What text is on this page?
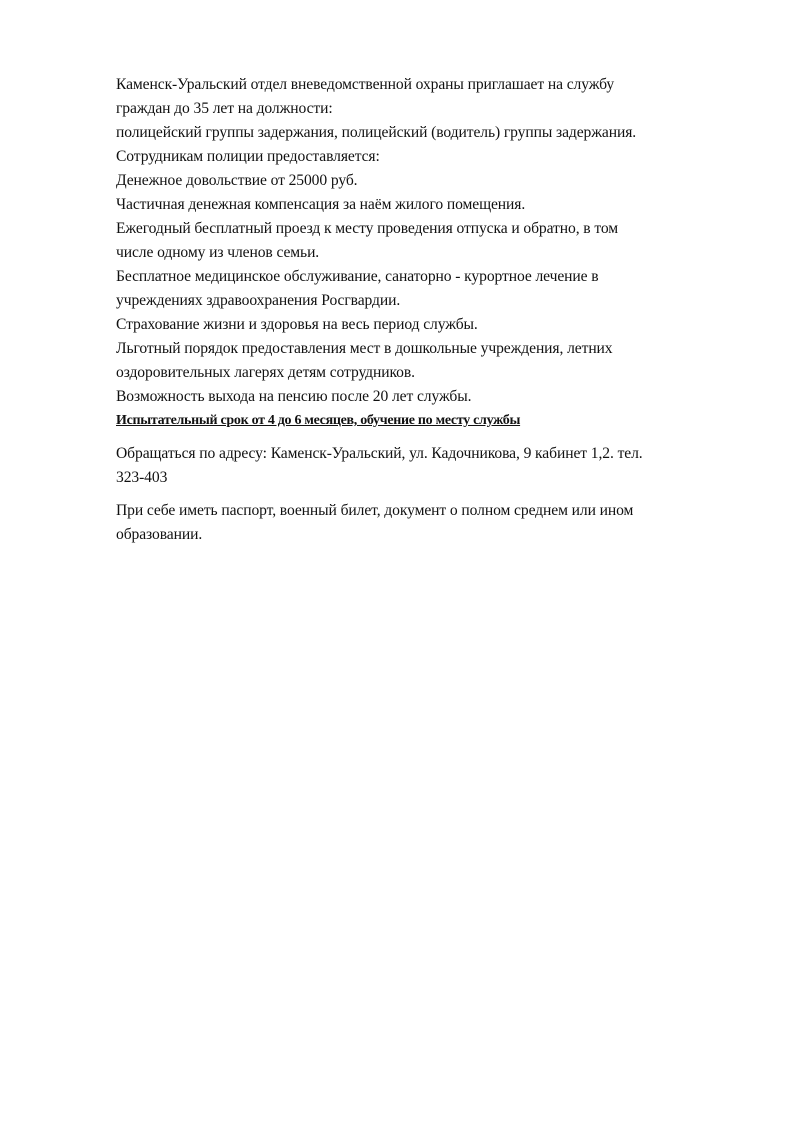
Каменск-Уральский отдел вневедомственной охраны приглашает на службу
граждан до 35 лет на должности:
полицейский группы задержания, полицейский (водитель) группы задержания.
Сотрудникам полиции предоставляется:
Денежное довольствие от 25000 руб.
Частичная денежная компенсация за наём жилого помещения.
Ежегодный бесплатный проезд к месту проведения отпуска и обратно, в том
числе одному из членов семьи.
Бесплатное медицинское обслуживание, санаторно - курортное лечение в
учреждениях здравоохранения Росгвардии.
Страхование жизни и здоровья на весь период службы.
Льготный порядок предоставления мест в дошкольные учреждения, летних
оздоровительных лагерях детям сотрудников.
Возможность выхода на пенсию после 20 лет службы.
Испытательный срок от 4 до 6 месяцев, обучение по месту службы
Обращаться по адресу: Каменск-Уральский, ул. Кадочникова, 9 кабинет 1,2. тел.
323-403
При себе иметь паспорт, военный билет, документ о полном среднем или ином
образовании.
